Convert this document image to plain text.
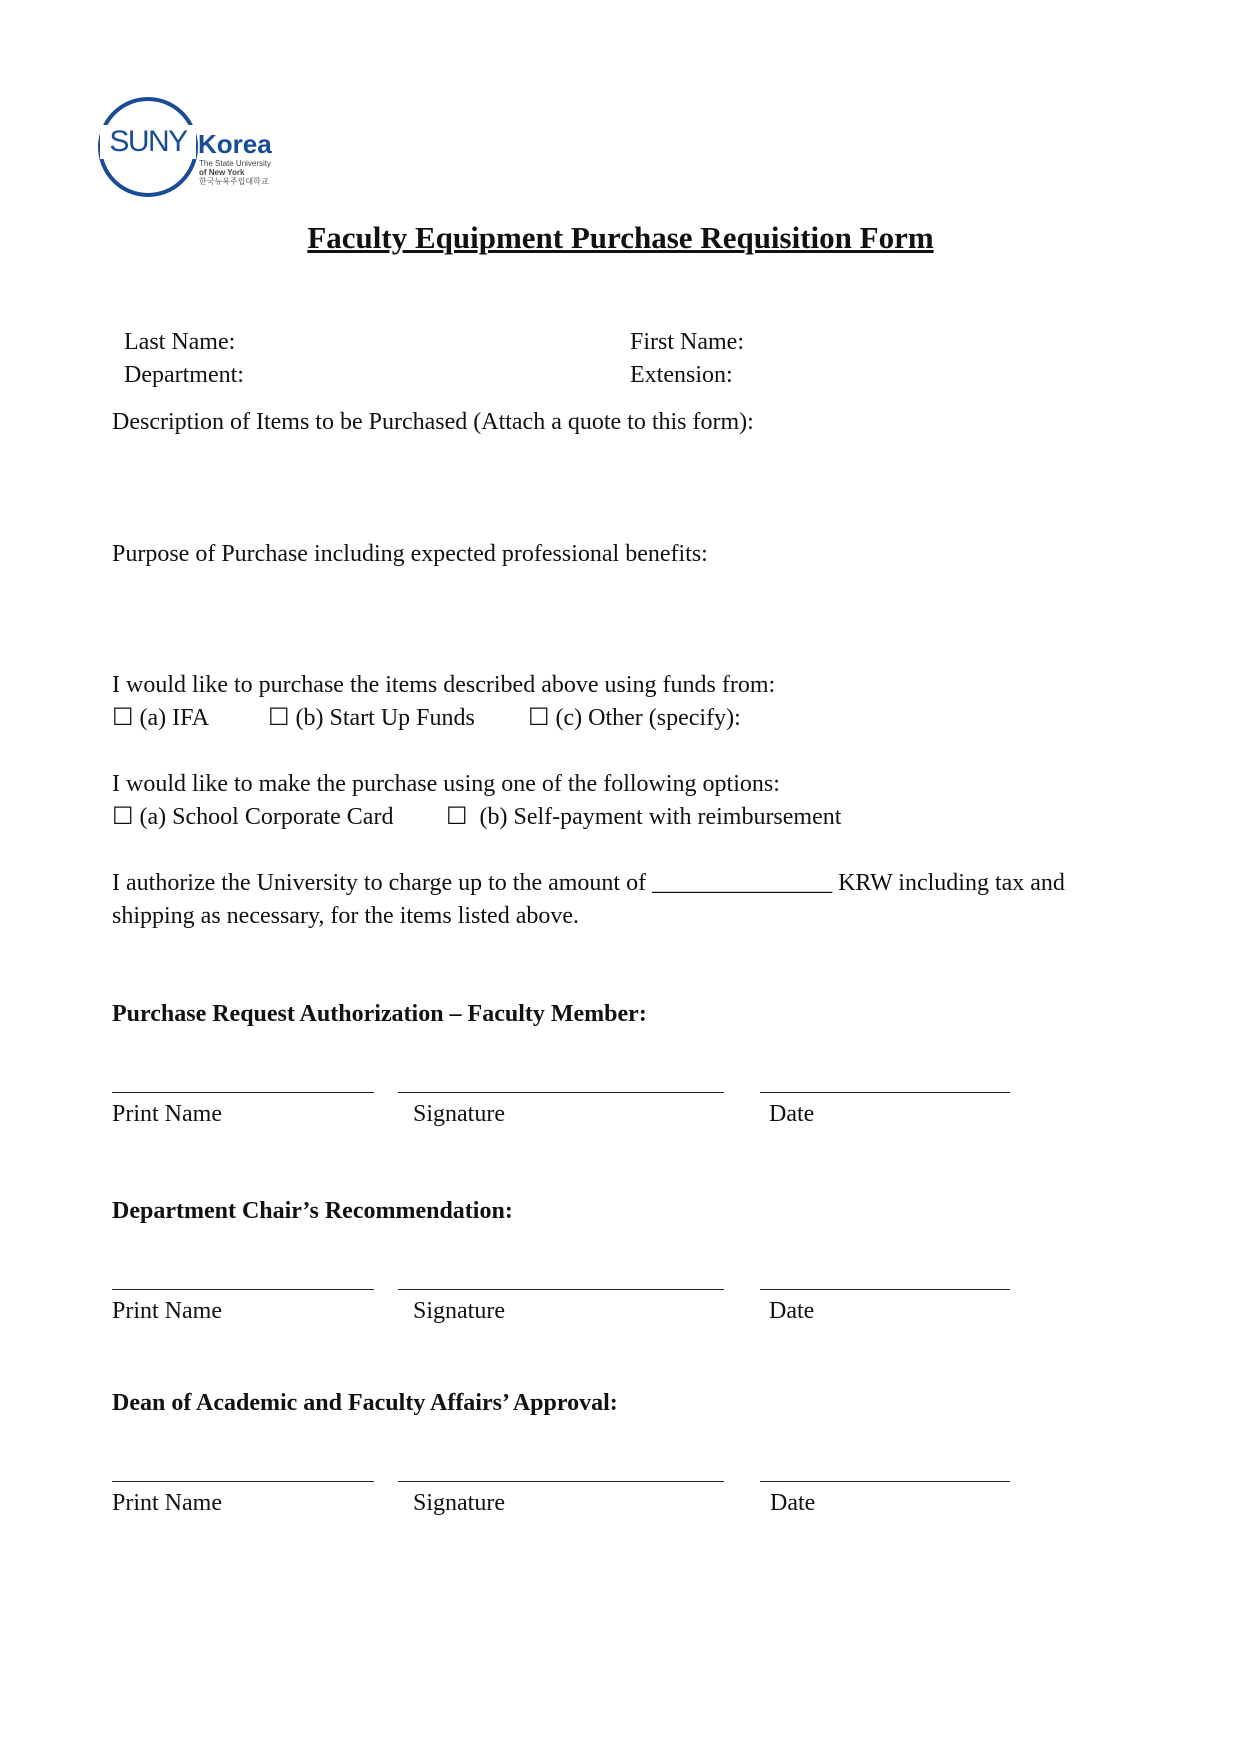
SUNY Korea
The State University
of New York
한국뉴욕주립대학교
Faculty Equipment Purchase Requisition Form
Last Name:	First Name:
Department:	Extension:
Description of Items to be Purchased (Attach a quote to this form):
Purpose of Purchase including expected professional benefits:
I would like to purchase the items described above using funds from:
☐ (a) IFA ☐ (b) Start Up Funds ☐ (c) Other (specify):
I would like to make the purchase using one of the following options:
☐ (a) School Corporate Card ☐ (b) Self-payment with reimbursement
I authorize the University to charge up to the amount of _______________ KRW including tax and
shipping as necessary, for the items listed above.
Purchase Request Authorization – Faculty Member:
Print Name	Signature	Date
Department Chair’s Recommendation:
Print Name	Signature	Date
Dean of Academic and Faculty Affairs’ Approval:
Print Name	Signature	Date
